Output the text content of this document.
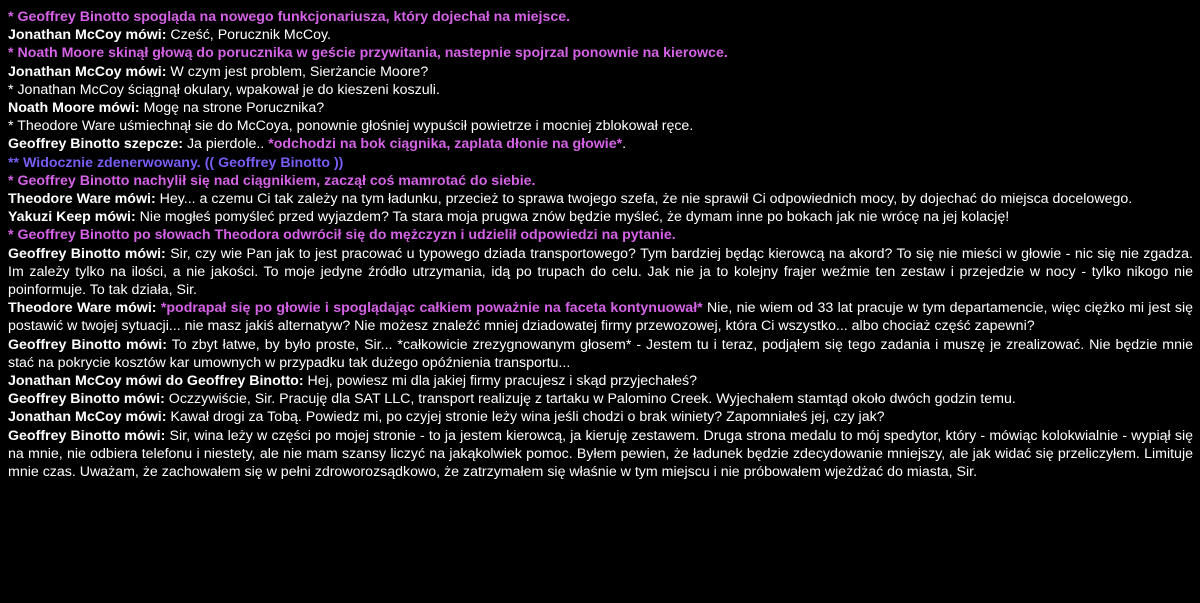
* Geoffrey Binotto spogląda na nowego funkcjonariusza, który dojechał na miejsce.

Jonathan McCoy mówi: Cześć, Porucznik McCoy.

* Noath Moore skinął głową do porucznika w geście przywitania, nastepnie spojrzal ponownie na kierowce.

Jonathan McCoy mówi: W czym jest problem, Sierżancie Moore?

* Jonathan McCoy ściągnął okulary, wpakował je do kieszeni koszuli.

Noath Moore mówi: Mogę na strone Porucznika?

* Theodore Ware uśmiechnął sie do McCoya, ponownie głośniej wypuścił powietrze i mocniej zblokował ręce.

Geoffrey Binotto szepcze: Ja pierdole.. *odchodzi na bok ciągnika, zaplata dłonie na głowie*.

** Widocznie zdenerwowany. (( Geoffrey Binotto ))

* Geoffrey Binotto nachylił się nad ciągnikiem, zaczął coś mamrotać do siebie.

Theodore Ware mówi: Hey... a czemu Ci tak zależy na tym ładunku, przecież to sprawa twojego szefa, że nie sprawił Ci odpowiednich mocy, by dojechać do miejsca docelowego.

Yakuzi Keep mówi: Nie mogłeś pomyśleć przed wyjazdem? Ta stara moja prugwa znów będzie myśleć, że dymam inne po bokach jak nie wrócę na jej kolację!

* Geoffrey Binotto po słowach Theodora odwrócił się do mężczyzn i udzielił odpowiedzi na pytanie.

Geoffrey Binotto mówi: Sir, czy wie Pan jak to jest pracować u typowego dziada transportowego? Tym bardziej będąc kierowcą na akord? To się nie mieści w głowie - nic się nie zgadza. Im zależy tylko na ilości, a nie jakości. To moje jedyne źródło utrzymania, idą po trupach do celu. Jak nie ja to kolejny frajer weźmie ten zestaw i przejedzie w nocy - tylko nikogo nie poinformuje. To tak działa, Sir.

Theodore Ware mówi: *podrapał się po głowie i spoglądając całkiem poważnie na faceta kontynuował* Nie, nie wiem od 33 lat pracuje w tym departamencie, więc ciężko mi jest się postawić w twojej sytuacji... nie masz jakiś alternatyw? Nie możesz znaleźć mniej dziadowatej firmy przewozowej, która Ci wszystko... albo chociaż część zapewni?

Geoffrey Binotto mówi: To zbyt łatwe, by było proste, Sir... *całkowicie zrezygnowanym głosem* - Jestem tu i teraz, podjąłem się tego zadania i muszę je zrealizować. Nie będzie mnie stać na pokrycie kosztów kar umownych w przypadku tak dużego opóźnienia transportu...

Jonathan McCoy mówi do Geoffrey Binotto: Hej, powiesz mi dla jakiej firmy pracujesz i skąd przyjechałeś?

Geoffrey Binotto mówi: Oczzywiście, Sir. Pracuję dla SAT LLC, transport realizuję z tartaku w Palomino Creek. Wyjechałem stamtąd około dwóch godzin temu.

Jonathan McCoy mówi: Kawał drogi za Tobą. Powiedz mi, po czyjej stronie leży wina jeśli chodzi o brak winiety? Zapomniałeś jej, czy jak?

Geoffrey Binotto mówi: Sir, wina leży w części po mojej stronie - to ja jestem kierowcą, ja kieruję zestawem. Druga strona medalu to mój spedytor, który - mówiąc kolokwialnie - wypiął się na mnie, nie odbiera telefonu i niestety, ale nie mam szansy liczyć na jakąkolwiek pomoc. Byłem pewien, że ładunek będzie zdecydowanie mniejszy, ale jak widać się przeliczyłem. Limituje mnie czas. Uważam, że zachowałem się w pełni zdroworozsądkowo, że zatrzymałem się właśnie w tym miejscu i nie próbowałem wjeżdżać do miasta, Sir.
